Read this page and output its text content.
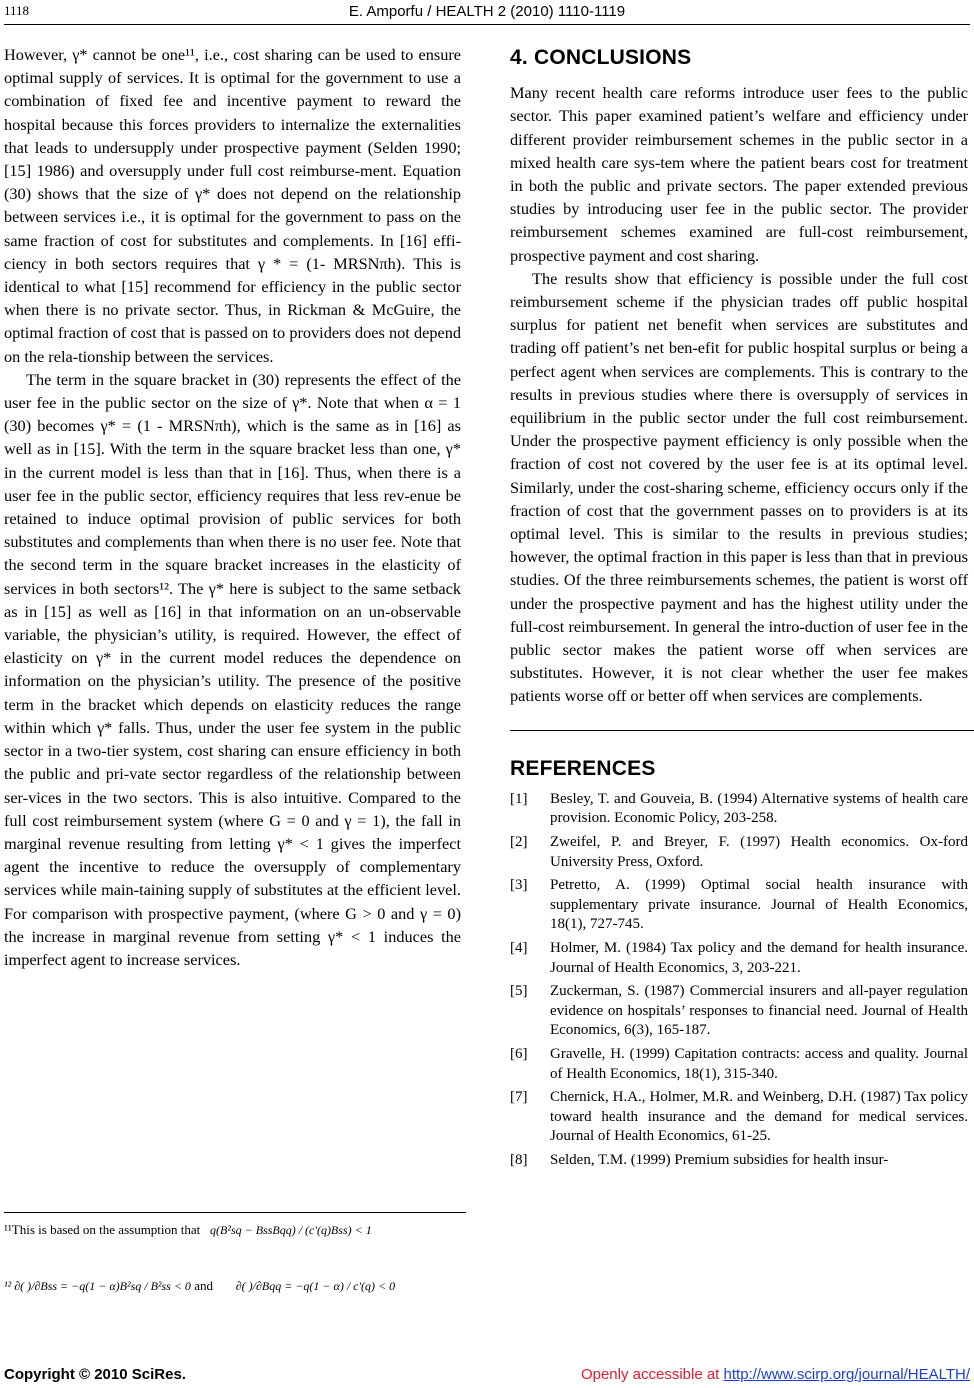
1118	E. Amporfu / HEALTH 2 (2010) 1110-1119

However, γ* cannot be one¹¹, i.e., cost sharing can be used to ensure optimal supply of services. It is optimal for the government to use a combination of fixed fee and incentive payment to reward the hospital because this forces providers to internalize the externalities that leads to undersupply under prospective payment (Selden 1990; [15] 1986) and oversupply under full cost reimburse-ment. Equation (30) shows that the size of γ* does not depend on the relationship between services i.e., it is optimal for the government to pass on the same fraction of cost for substitutes and complements. In [16] effi-ciency in both sectors requires that γ * = (1- MRSNπh). This is identical to what [15] recommend for efficiency in the public sector when there is no private sector. Thus, in Rickman & McGuire, the optimal fraction of cost that is passed on to providers does not depend on the rela-tionship between the services.

The term in the square bracket in (30) represents the effect of the user fee in the public sector on the size of γ*. Note that when α = 1 (30) becomes γ* = (1 - MRSNπh), which is the same as in [16] as well as in [15]. With the term in the square bracket less than one, γ* in the current model is less than that in [16]. Thus, when there is a user fee in the public sector, efficiency requires that less rev-enue be retained to induce optimal provision of public services for both substitutes and complements than when there is no user fee. Note that the second term in the square bracket increases in the elasticity of services in both sectors¹². The γ* here is subject to the same setback as in [15] as well as [16] in that information on an un-observable variable, the physician’s utility, is required. However, the effect of elasticity on γ* in the current model reduces the dependence on information on the physician’s utility. The presence of the positive term in the bracket which depends on elasticity reduces the range within which γ* falls. Thus, under the user fee system in the public sector in a two-tier system, cost sharing can ensure efficiency in both the public and pri-vate sector regardless of the relationship between ser-vices in the two sectors. This is also intuitive. Compared to the full cost reimbursement system (where G = 0 and γ = 1), the fall in marginal revenue resulting from letting γ* < 1 gives the imperfect agent the incentive to reduce the oversupply of complementary services while main-taining supply of substitutes at the efficient level. For comparison with prospective payment, (where G > 0 and γ = 0) the increase in marginal revenue from setting γ* < 1 induces the imperfect agent to increase services.

¹¹This is based on the assumption that q(B²sq − BssBqq) / (c'(q)Bss) < 1
¹² ∂( )/∂Bss = −q(1 − α)B²sq / B²ss < 0 and ∂( )/∂Bqq = −q(1 − α) / c'(q) < 0
4. CONCLUSIONS

Many recent health care reforms introduce user fees to the public sector. This paper examined patient’s welfare and efficiency under different provider reimbursement schemes in the public sector in a mixed health care sys-tem where the patient bears cost for treatment in both the public and private sectors. The paper extended previous studies by introducing user fee in the public sector. The provider reimbursement schemes examined are full-cost reimbursement, prospective payment and cost sharing.

The results show that efficiency is possible under the full cost reimbursement scheme if the physician trades off public hospital surplus for patient net benefit when services are substitutes and trading off patient’s net ben-efit for public hospital surplus or being a perfect agent when services are complements. This is contrary to the results in previous studies where there is oversupply of services in equilibrium in the public sector under the full cost reimbursement. Under the prospective payment efficiency is only possible when the fraction of cost not covered by the user fee is at its optimal level. Similarly, under the cost-sharing scheme, efficiency occurs only if the fraction of cost that the government passes on to providers is at its optimal level. This is similar to the results in previous studies; however, the optimal fraction in this paper is less than that in previous studies. Of the three reimbursements schemes, the patient is worst off under the prospective payment and has the highest utility under the full-cost reimbursement. In general the intro-duction of user fee in the public sector makes the patient worse off when services are substitutes. However, it is not clear whether the user fee makes patients worse off or better off when services are complements.

REFERENCES
[1] Besley, T. and Gouveia, B. (1994) Alternative systems of health care provision. Economic Policy, 203-258.
[2] Zweifel, P. and Breyer, F. (1997) Health economics. Ox-ford University Press, Oxford.
[3] Petretto, A. (1999) Optimal social health insurance with supplementary private insurance. Journal of Health Economics, 18(1), 727-745.
[4] Holmer, M. (1984) Tax policy and the demand for health insurance. Journal of Health Economics, 3, 203-221.
[5] Zuckerman, S. (1987) Commercial insurers and all-payer regulation evidence on hospitals’ responses to financial need. Journal of Health Economics, 6(3), 165-187.
[6] Gravelle, H. (1999) Capitation contracts: access and quality. Journal of Health Economics, 18(1), 315-340.
[7] Chernick, H.A., Holmer, M.R. and Weinberg, D.H. (1987) Tax policy toward health insurance and the demand for medical services. Journal of Health Economics, 61-25.
[8] Selden, T.M. (1999) Premium subsidies for health insur-
Copyright © 2010 SciRes.	Openly accessible at http://www.scirp.org/journal/HEALTH/
